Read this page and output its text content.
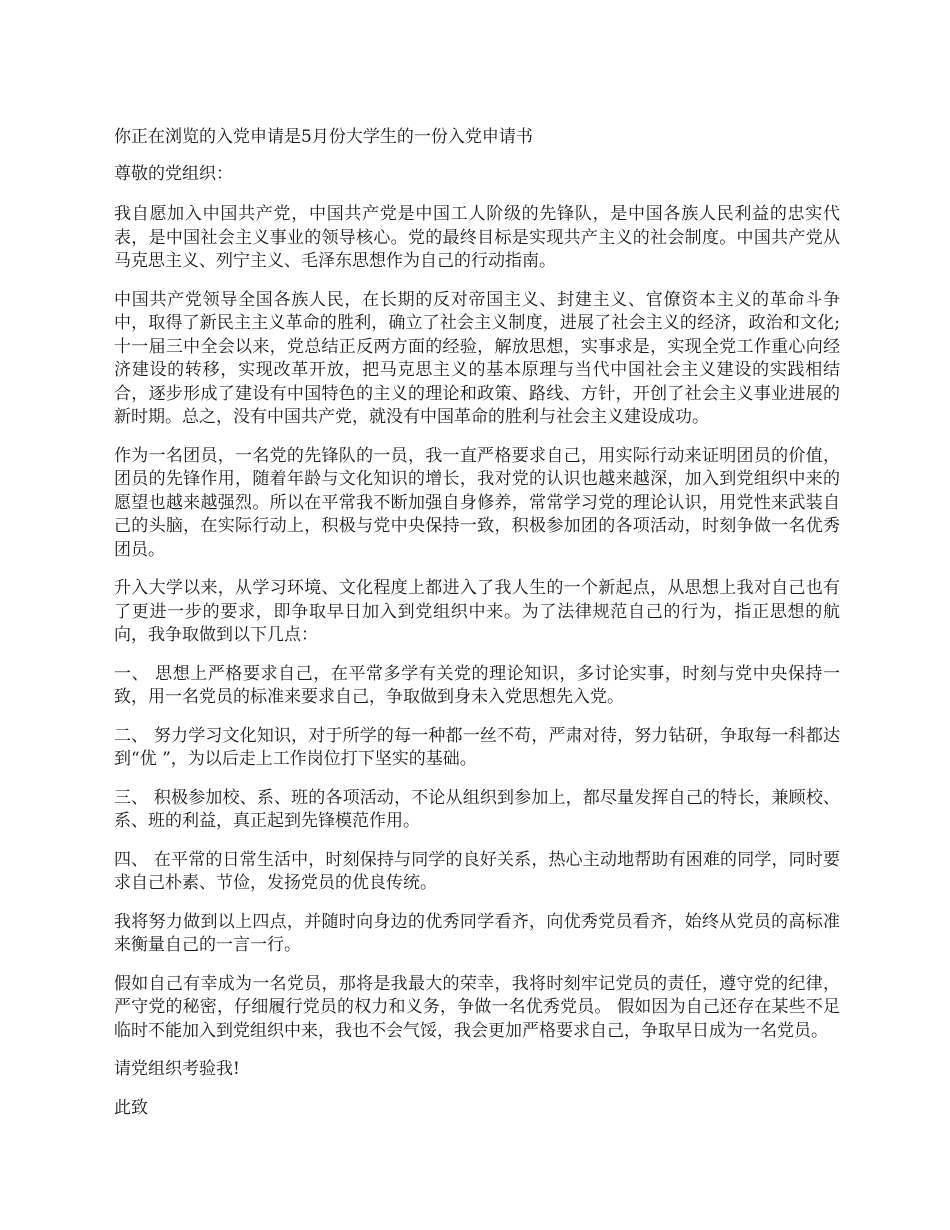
你正在浏览的入党申请是5月份大学生的一份入党申请书

尊敬的党组织：

我自愿加入中国共产党，中国共产党是中国工人阶级的先锋队，是中国各族人民利益的忠实代表，是中国社会主义事业的领导核心。党的最终目标是实现共产主义的社会制度。中国共产党从马克思主义、列宁主义、毛泽东思想作为自己的行动指南。

中国共产党领导全国各族人民，在长期的反对帝国主义、封建主义、官僚资本主义的革命斗争中，取得了新民主主义革命的胜利，确立了社会主义制度，进展了社会主义的经济，政治和文化;十一届三中全会以来，党总结正反两方面的经验，解放思想，实事求是，实现全党工作重心向经济建设的转移，实现改革开放，把马克思主义的基本原理与当代中国社会主义建设的实践相结合，逐步形成了建设有中国特色的主义的理论和政策、路线、方针，开创了社会主义事业进展的新时期。总之，没有中国共产党，就没有中国革命的胜利与社会主义建设成功。

作为一名团员，一名党的先锋队的一员，我一直严格要求自己，用实际行动来证明团员的价值，团员的先锋作用，随着年龄与文化知识的增长，我对党的认识也越来越深，加入到党组织中来的愿望也越来越强烈。所以在平常我不断加强自身修养，常常学习党的理论认识，用党性来武装自己的头脑，在实际行动上，积极与党中央保持一致，积极参加团的各项活动，时刻争做一名优秀团员。

升入大学以来，从学习环境、文化程度上都进入了我人生的一个新起点，从思想上我对自己也有了更进一步的要求，即争取早日加入到党组织中来。为了法律规范自己的行为，指正思想的航向，我争取做到以下几点：

一、 思想上严格要求自己，在平常多学有关党的理论知识，多讨论实事，时刻与党中央保持一致，用一名党员的标准来要求自己，争取做到身未入党思想先入党。

二、 努力学习文化知识，对于所学的每一种都一丝不苟，严肃对待，努力钻研，争取每一科都达到“优 ”，为以后走上工作岗位打下坚实的基础。

三、 积极参加校、系、班的各项活动，不论从组织到参加上，都尽量发挥自己的特长，兼顾校、系、班的利益，真正起到先锋模范作用。

四、 在平常的日常生活中，时刻保持与同学的良好关系，热心主动地帮助有困难的同学，同时要求自己朴素、节俭，发扬党员的优良传统。

我将努力做到以上四点，并随时向身边的优秀同学看齐，向优秀党员看齐，始终从党员的高标准来衡量自己的一言一行。

假如自己有幸成为一名党员，那将是我最大的荣幸，我将时刻牢记党员的责任，遵守党的纪律，严守党的秘密，仔细履行党员的权力和义务，争做一名优秀党员。 假如因为自己还存在某些不足临时不能加入到党组织中来，我也不会气馁，我会更加严格要求自己，争取早日成为一名党员。

请党组织考验我!

此致
